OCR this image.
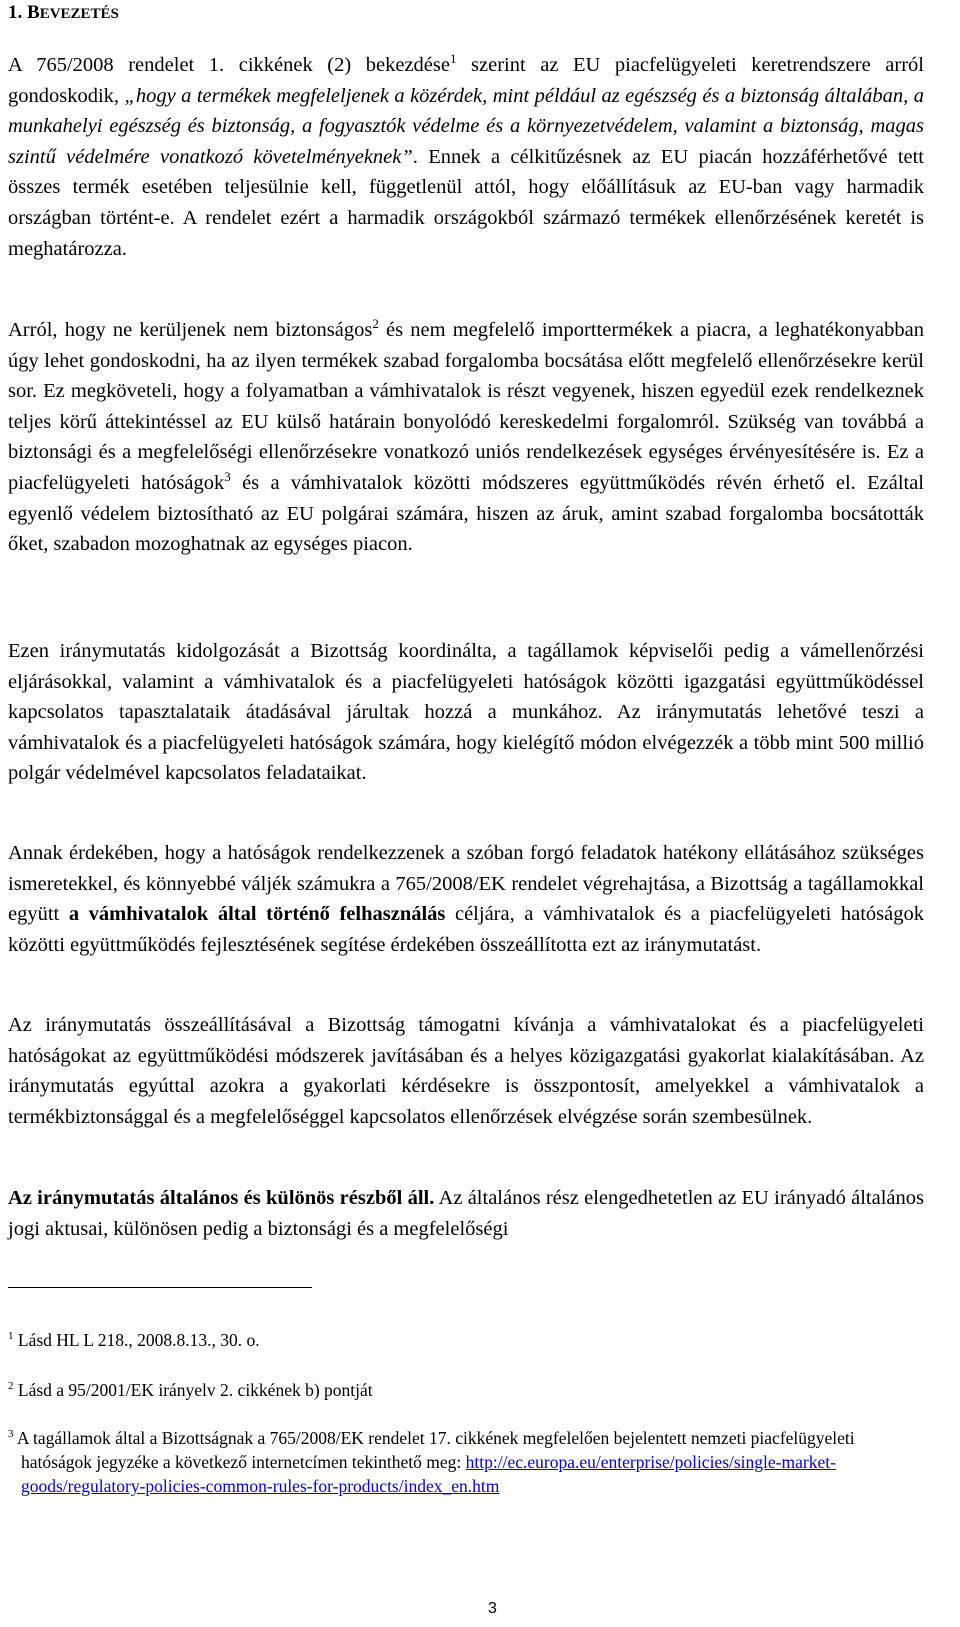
1. BEVEZETÉS
A 765/2008 rendelet 1. cikkének (2) bekezdése$^1$ szerint az EU piacfelügyeleti keretrendszere arról gondoskodik, „hogy a termékek megfeleljenek a közérdek, mint például az egészség és a biztonság általában, a munkahelyi egészség és biztonság, a fogyasztók védelme és a környezetvédelem, valamint a biztonság, magas szintű védelmére vonatkozó követelményeknek”. Ennek a célkitűzésnek az EU piacán hozzáférhetővé tett összes termék esetében teljesülnie kell, függetlenül attól, hogy előállításuk az EU-ban vagy harmadik országban történt-e. A rendelet ezért a harmadik országokból származó termékek ellenőrzésének keretét is meghatározza.
Arról, hogy ne kerüljenek nem biztonságos$^2$ és nem megfelelő importtermékek a piacra, a leghatékonyabban úgy lehet gondoskodni, ha az ilyen termékek szabad forgalomba bocsátása előtt megfelelő ellenőrzésekre kerül sor. Ez megköveteli, hogy a folyamatban a vámhivatalok is részt vegyenek, hiszen egyedül ezek rendelkeznek teljes körű áttekintéssel az EU külső határain bonyolódó kereskedelmi forgalomról. Szükség van továbbá a biztonsági és a megfelelőségi ellenőrzésekre vonatkozó uniós rendelkezések egységes érvényesítésére is. Ez a piacfelügyeleti hatóságok$^3$ és a vámhivatalok közötti módszeres együttműködés révén érhető el. Ezáltal egyenlő védelem biztosítható az EU polgárai számára, hiszen az áruk, amint szabad forgalomba bocsátották őket, szabadon mozoghatnak az egységes piacon.
Ezen iránymutatás kidolgozását a Bizottság koordinálta, a tagállamok képviselői pedig a vámellenőrzési eljárásokkal, valamint a vámhivatalok és a piacfelügyeleti hatóságok közötti igazgatási együttműködéssel kapcsolatos tapasztalataik átadásával járultak hozzá a munkához. Az iránymutatás lehetővé teszi a vámhivatalok és a piacfelügyeleti hatóságok számára, hogy kielégítő módon elvégezzék a több mint 500 millió polgár védelmével kapcsolatos feladataikat.
Annak érdekében, hogy a hatóságok rendelkezzenek a szóban forgó feladatok hatékony ellátásához szükséges ismeretekkel, és könnyebbé váljék számukra a 765/2008/EK rendelet végrehajtása, a Bizottság a tagállamokkal együtt a vámhivatalok által történő felhasználás céljára, a vámhivatalok és a piacfelügyeleti hatóságok közötti együttműködés fejlesztésének segítése érdekében összeállította ezt az iránymutatást.
Az iránymutatás összeállításával a Bizottság támogatni kívánja a vámhivatalokat és a piacfelügyeleti hatóságokat az együttműködési módszerek javításában és a helyes közigazgatási gyakorlat kialakításában. Az iránymutatás egyúttal azokra a gyakorlati kérdésekre is összpontosít, amelyekkel a vámhivatalok a termékbiztonsággal és a megfelelőséggel kapcsolatos ellenőrzések elvégzése során szembesülnek.
Az iránymutatás általános és különös részből áll. Az általános rész elengedhetetlen az EU irányadó általános jogi aktusai, különösen pedig a biztonsági és a megfelelőségi
$^1$ Lásd HL L 218., 2008.8.13., 30. o.
$^2$ Lásd a 95/2001/EK irányelv 2. cikkének b) pontját
$^3$ A tagállamok által a Bizottságnak a 765/2008/EK rendelet 17. cikkének megfelelően bejelentett nemzeti piacfelügyeleti hatóságok jegyzéke a következő internetcímen tekinthető meg: http://ec.europa.eu/enterprise/policies/single-market-goods/regulatory-policies-common-rules-for-products/index_en.htm
3
